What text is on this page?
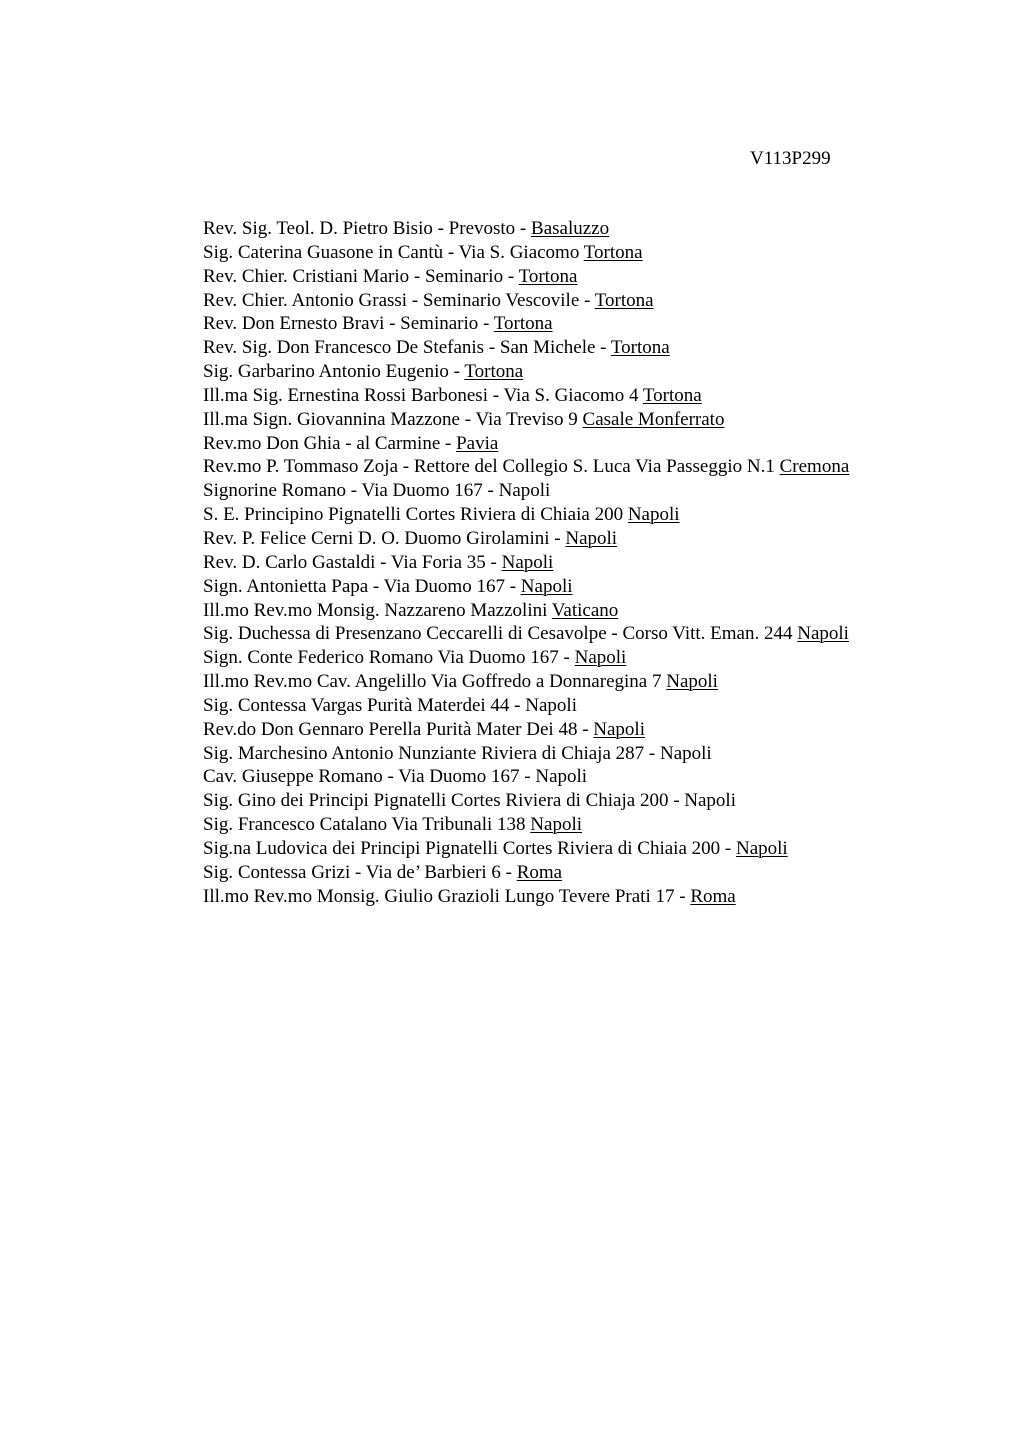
V113P299
Rev. Sig. Teol. D. Pietro Bisio - Prevosto - Basaluzzo
Sig. Caterina Guasone in Cantù - Via S. Giacomo Tortona
Rev. Chier. Cristiani Mario - Seminario - Tortona
Rev. Chier. Antonio Grassi - Seminario Vescovile - Tortona
Rev. Don Ernesto Bravi - Seminario - Tortona
Rev. Sig. Don Francesco De Stefanis - San Michele - Tortona
Sig. Garbarino Antonio Eugenio - Tortona
Ill.ma Sig. Ernestina Rossi Barbonesi - Via S. Giacomo 4 Tortona
Ill.ma Sign. Giovannina Mazzone - Via Treviso 9 Casale Monferrato
Rev.mo Don Ghia - al Carmine - Pavia
Rev.mo P. Tommaso Zoja - Rettore del Collegio S. Luca Via Passeggio N.1 Cremona
Signorine Romano - Via Duomo 167 - Napoli
S. E. Principino Pignatelli Cortes Riviera di Chiaia 200 Napoli
Rev. P. Felice Cerni D. O. Duomo Girolamini - Napoli
Rev. D. Carlo Gastaldi - Via Foria 35 - Napoli
Sign. Antonietta Papa - Via Duomo 167 - Napoli
Ill.mo Rev.mo Monsig. Nazzareno Mazzolini Vaticano
Sig. Duchessa di Presenzano Ceccarelli di Cesavolpe - Corso Vitt. Eman. 244 Napoli
Sign. Conte Federico Romano Via Duomo 167 - Napoli
Ill.mo Rev.mo Cav. Angelillo Via Goffredo a Donnaregina 7 Napoli
Sig. Contessa Vargas Purità Materdei 44 - Napoli
Rev.do Don Gennaro Perella Purità Mater Dei 48 - Napoli
Sig. Marchesino Antonio Nunziante Riviera di Chiaja 287 - Napoli
Cav. Giuseppe Romano - Via Duomo 167 - Napoli
Sig. Gino dei Principi Pignatelli Cortes Riviera di Chiaja 200 - Napoli
Sig. Francesco Catalano Via Tribunali 138 Napoli
Sig.na Ludovica dei Principi Pignatelli Cortes Riviera di Chiaia 200 - Napoli
Sig. Contessa Grizi - Via de’ Barbieri 6 - Roma
Ill.mo Rev.mo Monsig. Giulio Grazioli Lungo Tevere Prati 17 - Roma
